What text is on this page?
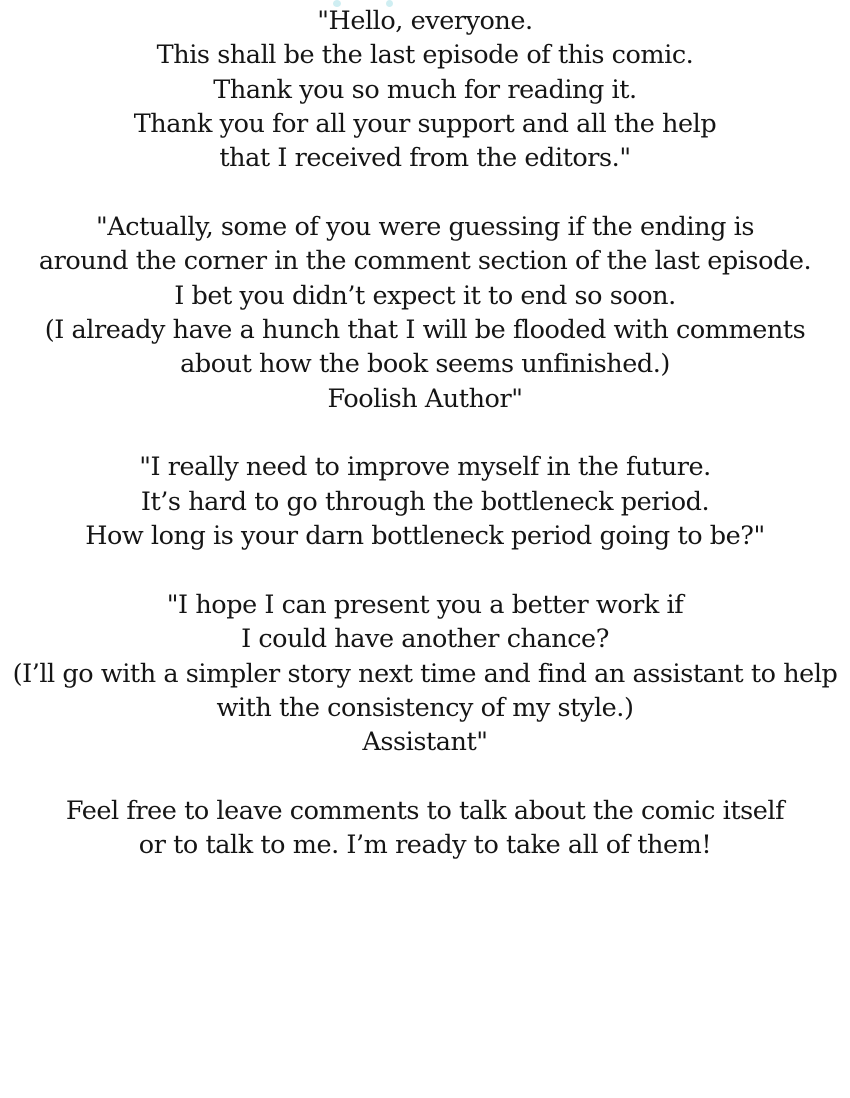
"Hello, everyone.
This shall be the last episode of this comic.
Thank you so much for reading it.
Thank you for all your support and all the help
that I received from the editors."

"Actually, some of you were guessing if the ending is
around the corner in the comment section of the last episode.
I bet you didn’t expect it to end so soon.
(I already have a hunch that I will be flooded with comments
about how the book seems unfinished.)
Foolish Author"

"I really need to improve myself in the future.
It’s hard to go through the bottleneck period.
How long is your darn bottleneck period going to be?"

"I hope I can present you a better work if
I could have another chance?
(I’ll go with a simpler story next time and find an assistant to help
with the consistency of my style.)
Assistant"

Feel free to leave comments to talk about the comic itself
or to talk to me. I’m ready to take all of them!
